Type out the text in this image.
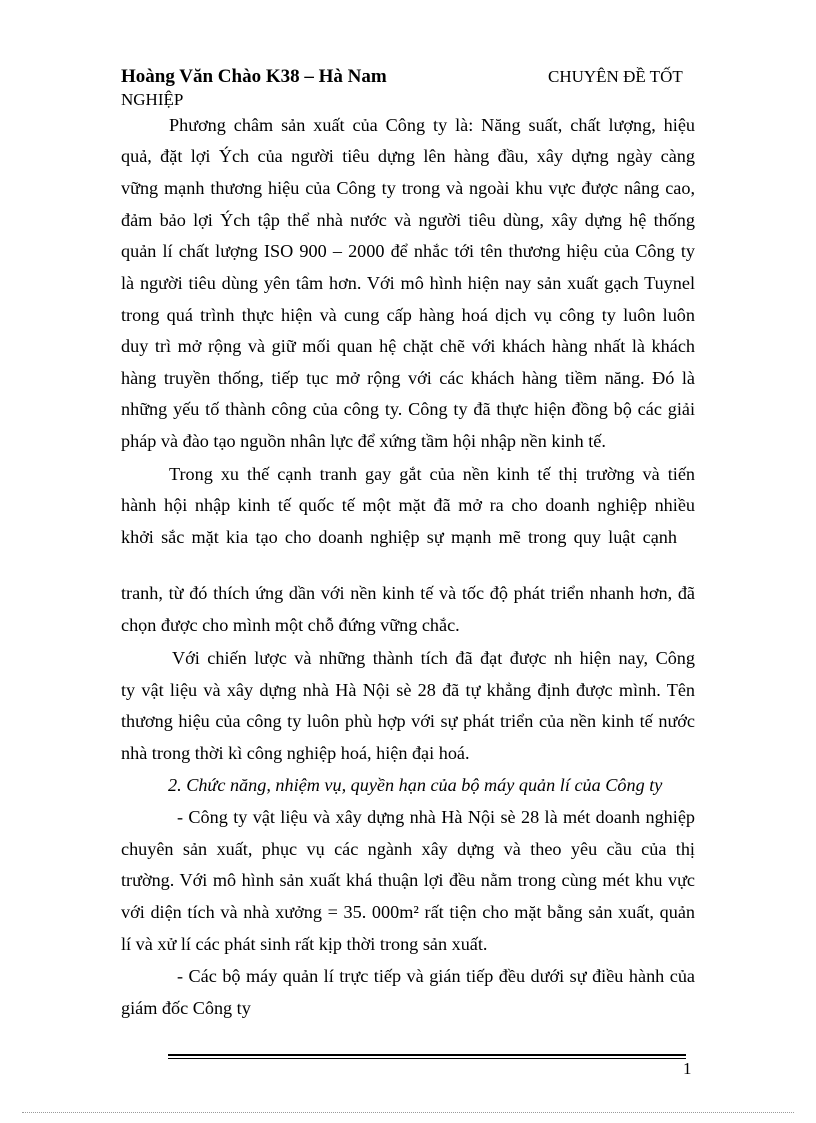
Hoàng Văn Chào K38 – Hà Nam	CHUYÊN ĐỀ TỐT
NGHIỆP
Phương châm sản xuất của Công ty là: Năng suất, chất lượng, hiệu
quả, đặt lợi Ých của người tiêu dựng lên hàng đầu, xây dựng ngày càng
vững mạnh thương hiệu của Công ty trong và ngoài khu vực được nâng cao,
đảm bảo lợi Ých tập thể nhà nước và người tiêu dùng, xây dựng hệ thống
quản lí chất lượng ISO 900 – 2000 để nhắc tới tên thương hiệu của Công ty
là người tiêu dùng yên tâm hơn. Với mô hình hiện nay sản xuất gạch Tuynel
trong quá trình thực hiện và cung cấp hàng hoá dịch vụ công ty luôn luôn
duy trì mở rộng và giữ mối quan hệ chặt chẽ với khách hàng nhất là khách
hàng truyền thống, tiếp tục mở rộng với các khách hàng tiềm năng. Đó là
những yếu tố thành công của công ty. Công ty đã thực hiện đồng bộ các giải
pháp và đào tạo nguồn nhân lực để xứng tầm hội nhập nền kinh tế.
Trong xu thế cạnh tranh gay gắt của nền kinh tế thị trường và tiến
hành hội nhập kinh tế quốc tế một mặt đã mở ra cho doanh nghiệp nhiều
khởi sắc mặt kia tạo cho doanh nghiệp sự mạnh mẽ trong quy luật cạnh
tranh, từ đó thích ứng dần với nền kinh tế và tốc độ phát triển nhanh hơn, đã
chọn được cho mình một chỗ đứng vững chắc.
Với chiến lược và những thành tích đã đạt được nh hiện nay, Công
ty vật liệu và xây dựng nhà Hà Nội sè 28 đã tự khẳng định được mình. Tên
thương hiệu của công ty luôn phù hợp với sự phát triển của nền kinh tế nước
nhà trong thời kì công nghiệp hoá, hiện đại hoá.
2. Chức năng, nhiệm vụ, quyền hạn của bộ máy quản lí của Công ty
- Công ty vật liệu và xây dựng nhà Hà Nội sè 28 là mét doanh nghiệp
chuyên sản xuất, phục vụ các ngành xây dựng và theo yêu cầu của thị
trường. Với mô hình sản xuất khá thuận lợi đều nằm trong cùng mét khu vực
với diện tích và nhà xưởng = 35. 000m² rất tiện cho mặt bằng sản xuất, quản
lí và xử lí các phát sinh rất kịp thời trong sản xuất.
- Các bộ máy quản lí trực tiếp và gián tiếp đều dưới sự điều hành của
giám đốc Công ty
1
